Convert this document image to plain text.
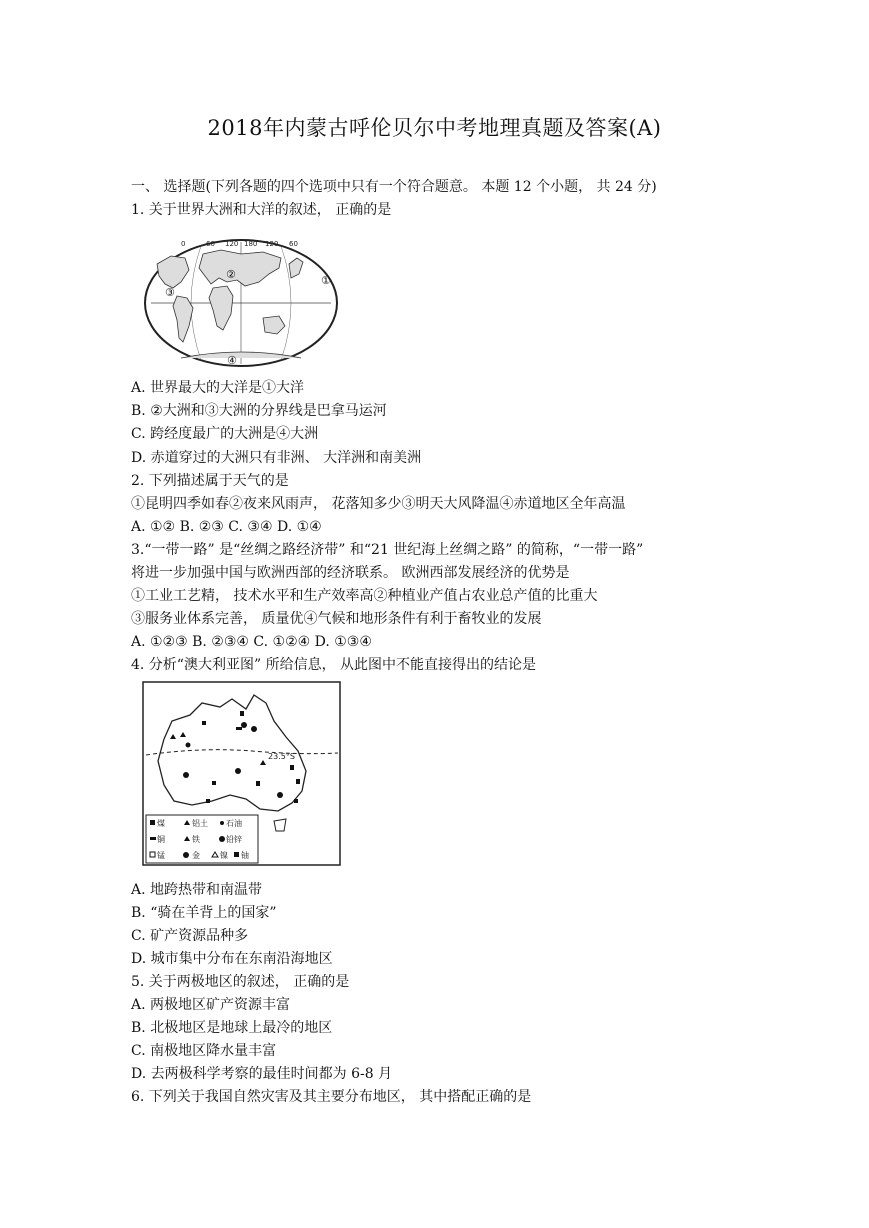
2018年内蒙古呼伦贝尔中考地理真题及答案(A)
一、 选择题(下列各题的四个选项中只有一个符合题意。 本题 12 个小题， 共 24 分)
1. 关于世界大洲和大洋的叙述， 正确的是
0	60 120 180 120 60
①
②
③
④
A. 世界最大的大洋是①大洋
B. ②大洲和③大洲的分界线是巴拿马运河
C. 跨经度最广的大洲是④大洲
D. 赤道穿过的大洲只有非洲、 大洋洲和南美洲
2. 下列描述属于天气的是
①昆明四季如春②夜来风雨声， 花落知多少③明天大风降温④赤道地区全年高温
A. ①② B. ②③ C. ③④ D. ①④
3.“一带一路” 是“丝绸之路经济带” 和“21 世纪海上丝绸之路” 的简称，“一带一路”
将进一步加强中国与欧洲西部的经济联系。 欧洲西部发展经济的优势是
①工业工艺精， 技术水平和生产效率高②种植业产值占农业总产值的比重大
③服务业体系完善， 质量优④气候和地形条件有利于畜牧业的发展
A. ①②③ B. ②③④ C. ①②④ D. ①③④
4. 分析“澳大利亚图” 所给信息， 从此图中不能直接得出的结论是
23.5°S
煤	铝土 石油
铜	铁	铅锌
锰	金	镍 铀
A. 地跨热带和南温带
B. “骑在羊背上的国家”
C. 矿产资源品种多
D. 城市集中分布在东南沿海地区
5. 关于两极地区的叙述， 正确的是
A. 两极地区矿产资源丰富
B. 北极地区是地球上最冷的地区
C. 南极地区降水量丰富
D. 去两极科学考察的最佳时间都为 6-8 月
6. 下列关于我国自然灾害及其主要分布地区， 其中搭配正确的是
